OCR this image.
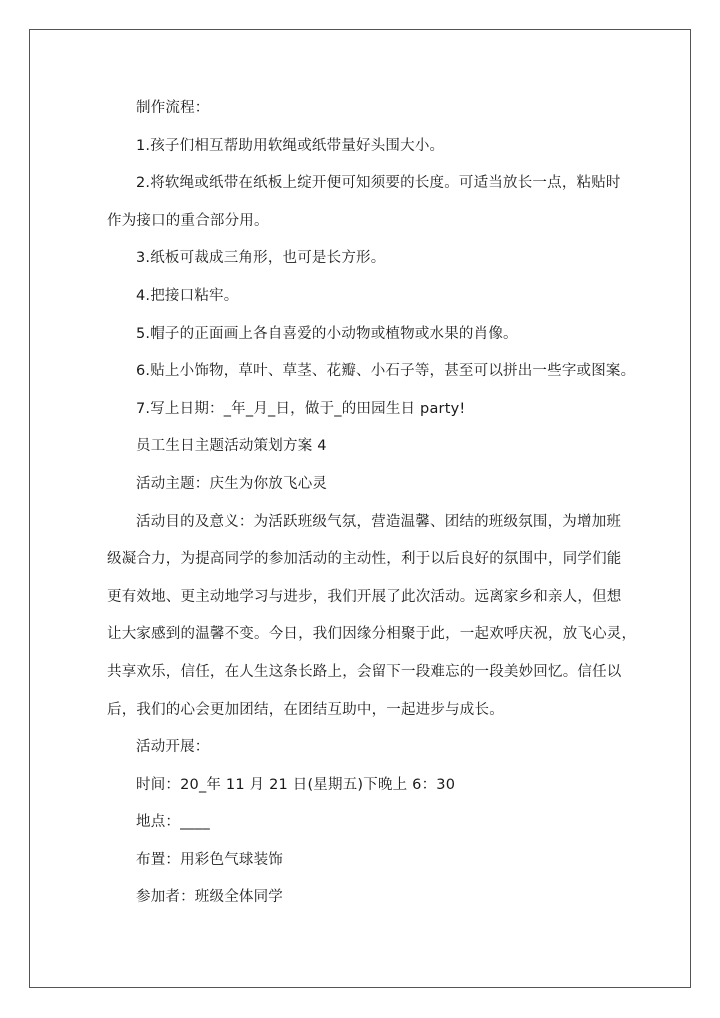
制作流程：
1.孩子们相互帮助用软绳或纸带量好头围大小。
2.将软绳或纸带在纸板上绽开便可知须要的长度。可适当放长一点，粘贴时
作为接口的重合部分用。
3.纸板可裁成三角形，也可是长方形。
4.把接口粘牢。
5.帽子的正面画上各自喜爱的小动物或植物或水果的肖像。
6.贴上小饰物，草叶、草茎、花瓣、小石子等，甚至可以拼出一些字或图案。
7.写上日期：_年_月_日，做于_的田园生日 party!
员工生日主题活动策划方案 4
活动主题：庆生为你放飞心灵
活动目的及意义：为活跃班级气氛，营造温馨、团结的班级氛围，为增加班
级凝合力，为提高同学的参加活动的主动性，利于以后良好的氛围中，同学们能
更有效地、更主动地学习与进步，我们开展了此次活动。远离家乡和亲人，但想
让大家感到的温馨不变。今日，我们因缘分相聚于此，一起欢呼庆祝，放飞心灵，
共享欢乐，信任，在人生这条长路上，会留下一段难忘的一段美妙回忆。信任以
后，我们的心会更加团结，在团结互助中，一起进步与成长。
活动开展：
时间：20_年 11 月 21 日(星期五)下晚上 6：30
地点：____
布置：用彩色气球装饰
参加者：班级全体同学
